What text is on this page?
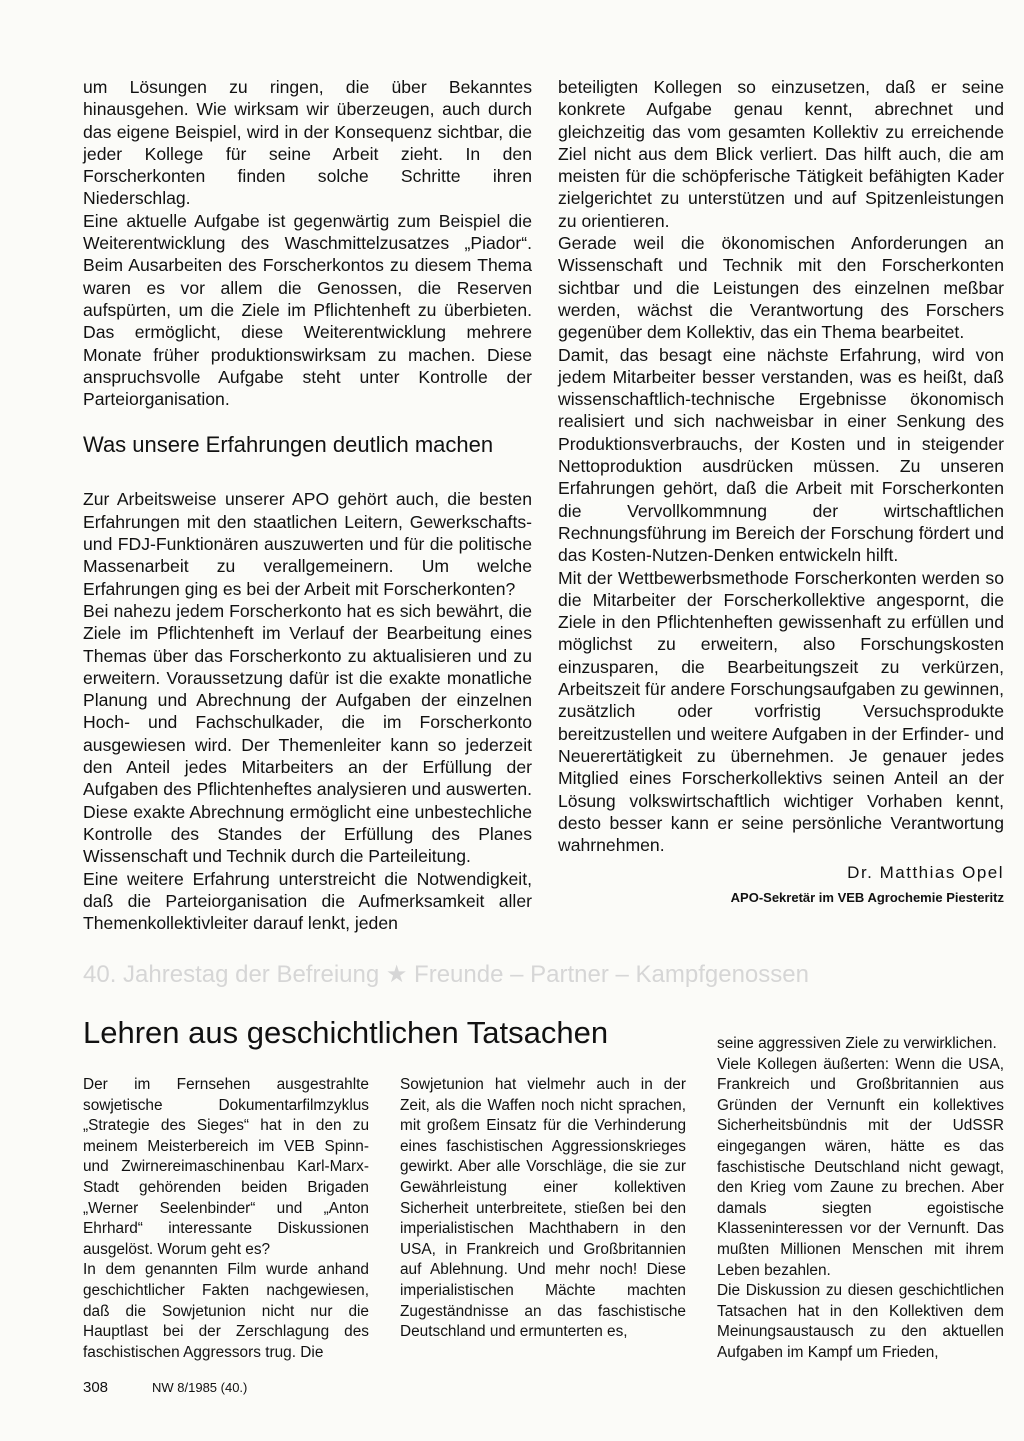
um Lösungen zu ringen, die über Bekanntes hinausgehen. Wie wirksam wir überzeugen, auch durch das eigene Beispiel, wird in der Konsequenz sichtbar, die jeder Kollege für seine Arbeit zieht. In den Forscherkonten finden solche Schritte ihren Niederschlag.

Eine aktuelle Aufgabe ist gegenwärtig zum Beispiel die Weiterentwicklung des Waschmittelzusatzes „Piador“. Beim Ausarbeiten des Forscherkontos zu diesem Thema waren es vor allem die Genossen, die Reserven aufspürten, um die Ziele im Pflichtenheft zu überbieten. Das ermöglicht, diese Weiterentwicklung mehrere Monate früher produktionswirksam zu machen. Diese anspruchsvolle Aufgabe steht unter Kontrolle der Parteiorganisation.

Was unsere Erfahrungen deutlich machen

Zur Arbeitsweise unserer APO gehört auch, die besten Erfahrungen mit den staatlichen Leitern, Gewerkschafts- und FDJ-Funktionären auszuwerten und für die politische Massenarbeit zu verallgemeinern. Um welche Erfahrungen ging es bei der Arbeit mit Forscherkonten?

Bei nahezu jedem Forscherkonto hat es sich bewährt, die Ziele im Pflichtenheft im Verlauf der Bearbeitung eines Themas über das Forscherkonto zu aktualisieren und zu erweitern. Voraussetzung dafür ist die exakte monatliche Planung und Abrechnung der Aufgaben der einzelnen Hoch- und Fachschulkader, die im Forscherkonto ausgewiesen wird. Der Themenleiter kann so jederzeit den Anteil jedes Mitarbeiters an der Erfüllung der Aufgaben des Pflichtenheftes analysieren und auswerten. Diese exakte Abrechnung ermöglicht eine unbestechliche Kontrolle des Standes der Erfüllung des Planes Wissenschaft und Technik durch die Parteileitung.

Eine weitere Erfahrung unterstreicht die Notwendigkeit, daß die Parteiorganisation die Aufmerksamkeit aller Themenkollektivleiter darauf lenkt, jeden

beteiligten Kollegen so einzusetzen, daß er seine konkrete Aufgabe genau kennt, abrechnet und gleichzeitig das vom gesamten Kollektiv zu erreichende Ziel nicht aus dem Blick verliert. Das hilft auch, die am meisten für die schöpferische Tätigkeit befähigten Kader zielgerichtet zu unterstützen und auf Spitzenleistungen zu orientieren.

Gerade weil die ökonomischen Anforderungen an Wissenschaft und Technik mit den Forscherkonten sichtbar und die Leistungen des einzelnen meßbar werden, wächst die Verantwortung des Forschers gegenüber dem Kollektiv, das ein Thema bearbeitet.

Damit, das besagt eine nächste Erfahrung, wird von jedem Mitarbeiter besser verstanden, was es heißt, daß wissenschaftlich-technische Ergebnisse ökonomisch realisiert und sich nachweisbar in einer Senkung des Produktionsverbrauchs, der Kosten und in steigender Nettoproduktion ausdrücken müssen. Zu unseren Erfahrungen gehört, daß die Arbeit mit Forscherkonten die Vervollkommnung der wirtschaftlichen Rechnungsführung im Bereich der Forschung fördert und das Kosten-Nutzen-Denken entwickeln hilft.

Mit der Wettbewerbsmethode Forscherkonten werden so die Mitarbeiter der Forscherkollektive angespornt, die Ziele in den Pflichtenheften gewissenhaft zu erfüllen und möglichst zu erweitern, also Forschungskosten einzusparen, die Bearbeitungszeit zu verkürzen, Arbeitszeit für andere Forschungsaufgaben zu gewinnen, zusätzlich oder vorfristig Versuchsprodukte bereitzustellen und weitere Aufgaben in der Erfinder- und Neuerertätigkeit zu übernehmen. Je genauer jedes Mitglied eines Forscherkollektivs seinen Anteil an der Lösung volkswirtschaftlich wichtiger Vorhaben kennt, desto besser kann er seine persönliche Verantwortung wahrnehmen.

Dr. Matthias Opel
APO-Sekretär im VEB Agrochemie Piesteritz
40. Jahrestag der Befreiung ★ Freunde – Partner – Kampfgenossen
Lehren aus geschichtlichen Tatsachen

Der im Fernsehen ausgestrahlte sowjetische Dokumentarfilmzyklus „Strategie des Sieges“ hat in den zu meinem Meisterbereich im VEB Spinn- und Zwirnereimaschinenbau Karl-Marx-Stadt gehörenden beiden Brigaden „Werner Seelenbinder“ und „Anton Ehrhard“ interessante Diskussionen ausgelöst. Worum geht es?

In dem genannten Film wurde anhand geschichtlicher Fakten nachgewiesen, daß die Sowjetunion nicht nur die Hauptlast bei der Zerschlagung des faschistischen Aggressors trug. Die

Sowjetunion hat vielmehr auch in der Zeit, als die Waffen noch nicht sprachen, mit großem Einsatz für die Verhinderung eines faschistischen Aggressionskrieges gewirkt. Aber alle Vorschläge, die sie zur Gewährleistung einer kollektiven Sicherheit unterbreitete, stießen bei den imperialistischen Machthabern in den USA, in Frankreich und Großbritannien auf Ablehnung. Und mehr noch! Diese imperialistischen Mächte machten Zugeständnisse an das faschistische Deutschland und ermunterten es,

seine aggressiven Ziele zu verwirklichen.

Viele Kollegen äußerten: Wenn die USA, Frankreich und Großbritannien aus Gründen der Vernunft ein kollektives Sicherheitsbündnis mit der UdSSR eingegangen wären, hätte es das faschistische Deutschland nicht gewagt, den Krieg vom Zaune zu brechen. Aber damals siegten egoistische Klasseninteressen vor der Vernunft. Das mußten Millionen Menschen mit ihrem Leben bezahlen.

Die Diskussion zu diesen geschichtlichen Tatsachen hat in den Kollektiven dem Meinungsaustausch zu den aktuellen Aufgaben im Kampf um Frieden,

308	NW 8/1985 (40.)
